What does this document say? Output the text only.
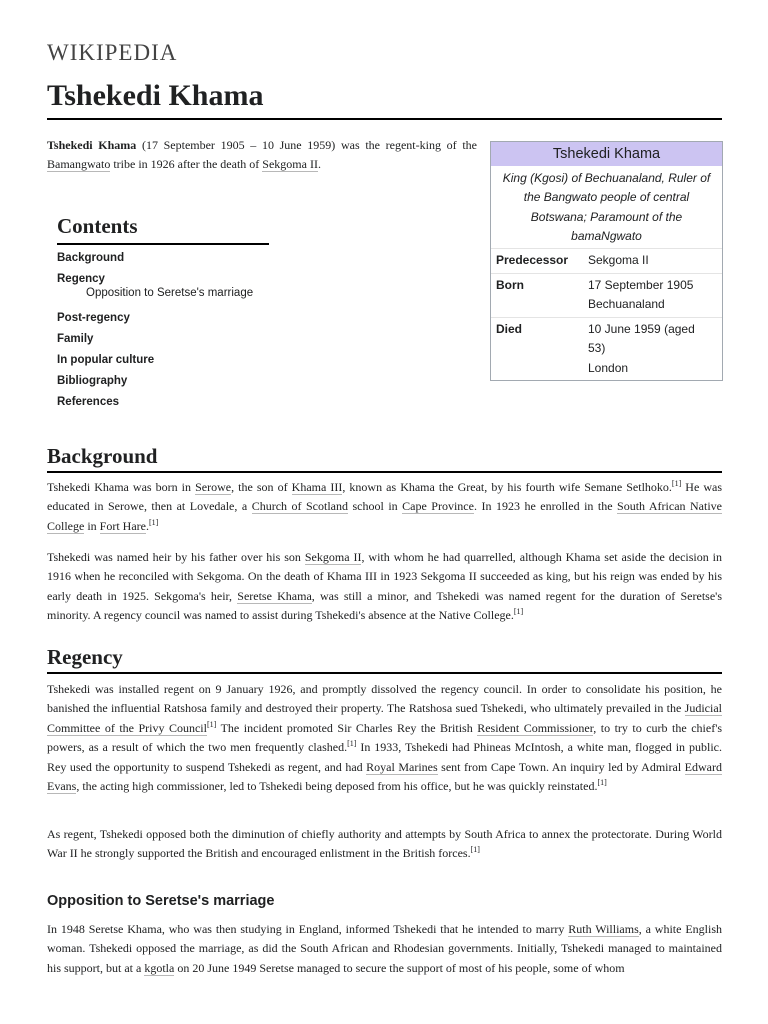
WIKIPEDIA
Tshekedi Khama

Tshekedi Khama (17 September 1905 – 10 June 1959) was the regent-king of the Bamangwato tribe in 1926 after the death of Sekgoma II.

Tshekedi Khama
King (Kgosi) of Bechuanaland, Ruler of the Bangwato people of central Botswana; Paramount of the bamaNgwato
Predecessor	Sekgoma II
Born	17 September 1905
Bechuanaland
Died	10 June 1959 (aged
53)
London
Contents
Background
Regency
Opposition to Seretse's marriage
Post-regency
Family
In popular culture
Bibliography
References
Background

Tshekedi Khama was born in Serowe, the son of Khama III, known as Khama the Great, by his fourth wife Semane Setlhoko.[1] He was educated in Serowe, then at Lovedale, a Church of Scotland school in Cape Province. In 1923 he enrolled in the South African Native College in Fort Hare.[1]

Tshekedi was named heir by his father over his son Sekgoma II, with whom he had quarrelled, although Khama set aside the decision in 1916 when he reconciled with Sekgoma. On the death of Khama III in 1923 Sekgoma II succeeded as king, but his reign was ended by his early death in 1925. Sekgoma's heir, Seretse Khama, was still a minor, and Tshekedi was named regent for the duration of Seretse's minority. A regency council was named to assist during Tshekedi's absence at the Native College.[1]

Regency

Tshekedi was installed regent on 9 January 1926, and promptly dissolved the regency council. In order to consolidate his position, he banished the influential Ratshosa family and destroyed their property. The Ratshosa sued Tshekedi, who ultimately prevailed in the Judicial Committee of the Privy Council[1] The incident promoted Sir Charles Rey the British Resident Commissioner, to try to curb the chief's powers, as a result of which the two men frequently clashed.[1] In 1933, Tshekedi had Phineas McIntosh, a white man, flogged in public. Rey used the opportunity to suspend Tshekedi as regent, and had Royal Marines sent from Cape Town. An inquiry led by Admiral Edward Evans, the acting high commissioner, led to Tshekedi being deposed from his office, but he was quickly reinstated.[1]

As regent, Tshekedi opposed both the diminution of chiefly authority and attempts by South Africa to annex the protectorate. During World War II he strongly supported the British and encouraged enlistment in the British forces.[1]

Opposition to Seretse's marriage

In 1948 Seretse Khama, who was then studying in England, informed Tshekedi that he intended to marry Ruth Williams, a white English woman. Tshekedi opposed the marriage, as did the South African and Rhodesian governments. Initially, Tshekedi managed to maintained his support, but at a kgotla on 20 June 1949 Seretse managed to secure the support of most of his people, some of whom
